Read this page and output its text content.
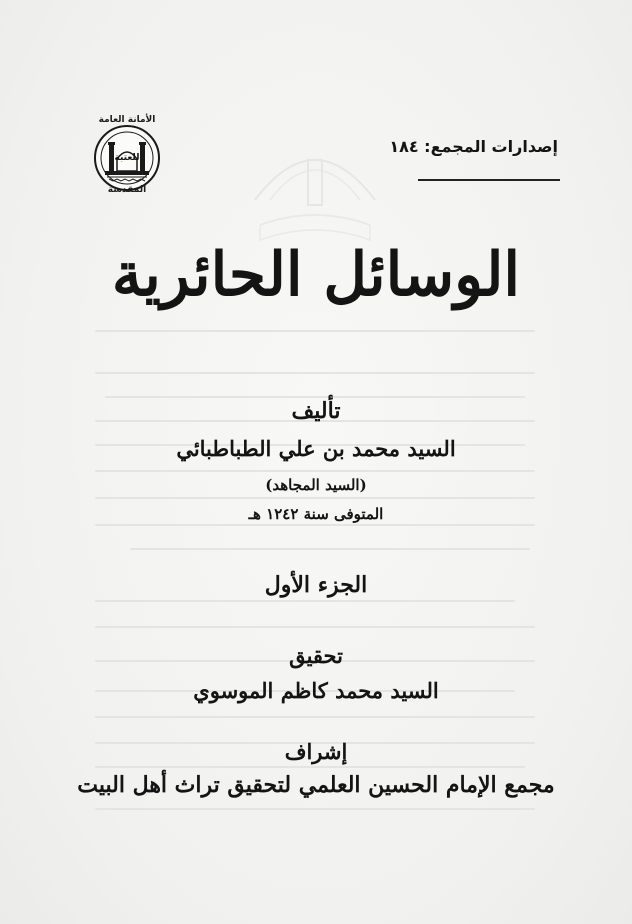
الأمانة العامة
المقدسة
للعتبة
إصدارات المجمع: ١٨٤
الوسائل الحائرية
تأليف
السيد محمد بن علي الطباطبائي
(السيد المجاهد)
المتوفى سنة ١٢٤٢ هـ
الجزء الأول
تحقيق
السيد محمد كاظم الموسوي
إشراف
مجمع الإمام الحسين العلمي لتحقيق تراث أهل البيت
